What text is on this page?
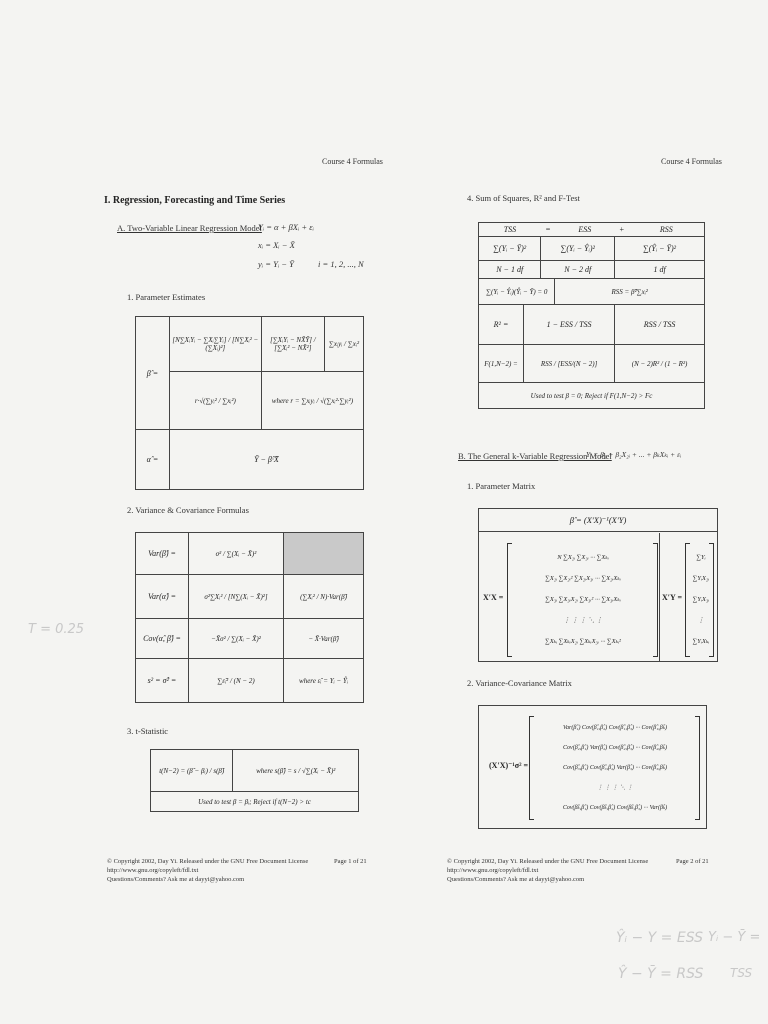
Course 4 Formulas
I. Regression, Forecasting and Time Series
A. Two-Variable Linear Regression Model
Yᵢ = α + βXᵢ + εᵢ
xᵢ = Xᵢ − X̄
yᵢ = Yᵢ − Ȳ	i = 1, 2, ..., N
1. Parameter Estimates
β̂ =	[N∑XᵢYᵢ − ∑Xᵢ∑Yᵢ] / [N∑Xᵢ² − (∑Xᵢ)²]	[∑XᵢYᵢ − NX̄Ȳ] / [∑Xᵢ² − NX̄²]	∑xᵢyᵢ / ∑xᵢ²
	r·√(∑yᵢ² / ∑xᵢ²)	where r = ∑xᵢyᵢ / √(∑xᵢ²·∑yᵢ²)	
α̂ =	Ȳ − β̂·X̄		
2. Variance & Covariance Formulas
Var(β̂) =	σ² / ∑(Xᵢ − X̄)²	
Var(α̂) =	σ²∑Xᵢ² / [N∑(Xᵢ − X̄)²]	(∑Xᵢ² / N)·Var(β̂)
Cov(α̂, β̂) =	−X̄σ² / ∑(Xᵢ − X̄)²	− X̄·Var(β̂)
s² = σ̂² =	∑ε̂ᵢ² / (N − 2)	where ε̂ᵢ = Yᵢ − Ŷᵢ
3. t-Statistic
t(N−2) = (β̂ − βᵢ) / s(β̂)	where s(β̂) = s / √∑(Xᵢ − X̄)²
Used to test β = βᵢ; Reject if t(N−2) > tc
© Copyright 2002, Day Yi. Released under the GNU Free Document License
http://www.gnu.org/copyleft/fdl.txt
Questions/Comments? Ask me at dayyi@yahoo.com
Page 1 of 21
Course 4 Formulas
4. Sum of Squares, R² and F-Test
TSS		=	ESS	+	RSS
∑(Yᵢ − Ȳ)²		∑(Yᵢ − Ŷᵢ)²		∑(Ŷᵢ − Ȳ)²	
N − 1 df		N − 2 df		1 df	
∑(Yᵢ − Ŷᵢ)(Ŷᵢ − Ȳ) = 0			RSS = β̂²∑xᵢ²		
R² =	1 − ESS / TSS			RSS / TSS	
F(1,N−2) =	RSS / [ESS/(N − 2)]			(N − 2)R² / (1 − R²)	
Used to test β = 0; Reject if F(1,N−2) > Fc					
B. The General k-Variable Regression Model
Yᵢ = β₁ + β₂X₂ᵢ + ... + βₖXₖᵢ + εᵢ
1. Parameter Matrix
β̂ = (X′X)⁻¹(X′Y)
X′X =
N ∑X₂ᵢ ∑X₃ᵢ ··· ∑Xₖᵢ
∑X₂ᵢ ∑X₂ᵢ² ∑X₂ᵢX₃ᵢ ··· ∑X₂ᵢXₖᵢ
∑X₃ᵢ ∑X₃ᵢX₂ᵢ ∑X₃ᵢ² ··· ∑X₃ᵢXₖᵢ
⋮ ⋮ ⋮ ⋱ ⋮
∑Xₖᵢ ∑XₖᵢX₂ᵢ ∑XₖᵢX₃ᵢ ··· ∑Xₖᵢ²
X′Y =
∑Yᵢ
∑YᵢX₂ᵢ
∑YᵢX₃ᵢ
⋮
∑YᵢXₖᵢ
2. Variance-Covariance Matrix
(X′X)⁻¹σ² =
Var(β̂₁) Cov(β̂₁,β̂₂) Cov(β̂₁,β̂₃) ··· Cov(β̂₁,β̂ₖ)
Cov(β̂₂,β̂₁) Var(β̂₂) Cov(β̂₂,β̂₃) ··· Cov(β̂₂,β̂ₖ)
Cov(β̂₃,β̂₁) Cov(β̂₃,β̂₂) Var(β̂₃) ··· Cov(β̂₃,β̂ₖ)
⋮ ⋮ ⋮ ⋱ ⋮
Cov(β̂ₖ,β̂₁) Cov(β̂ₖ,β̂₂) Cov(β̂ₖ,β̂₃) ··· Var(β̂ₖ)
© Copyright 2002, Day Yi. Released under the GNU Free Document License
http://www.gnu.org/copyleft/fdl.txt
Questions/Comments? Ask me at dayyi@yahoo.com
Page 2 of 21
T = 0.25
Ŷᵢ − Y = ESS
Ŷ − Ȳ = RSS
Yᵢ − Ȳ =
TSS
